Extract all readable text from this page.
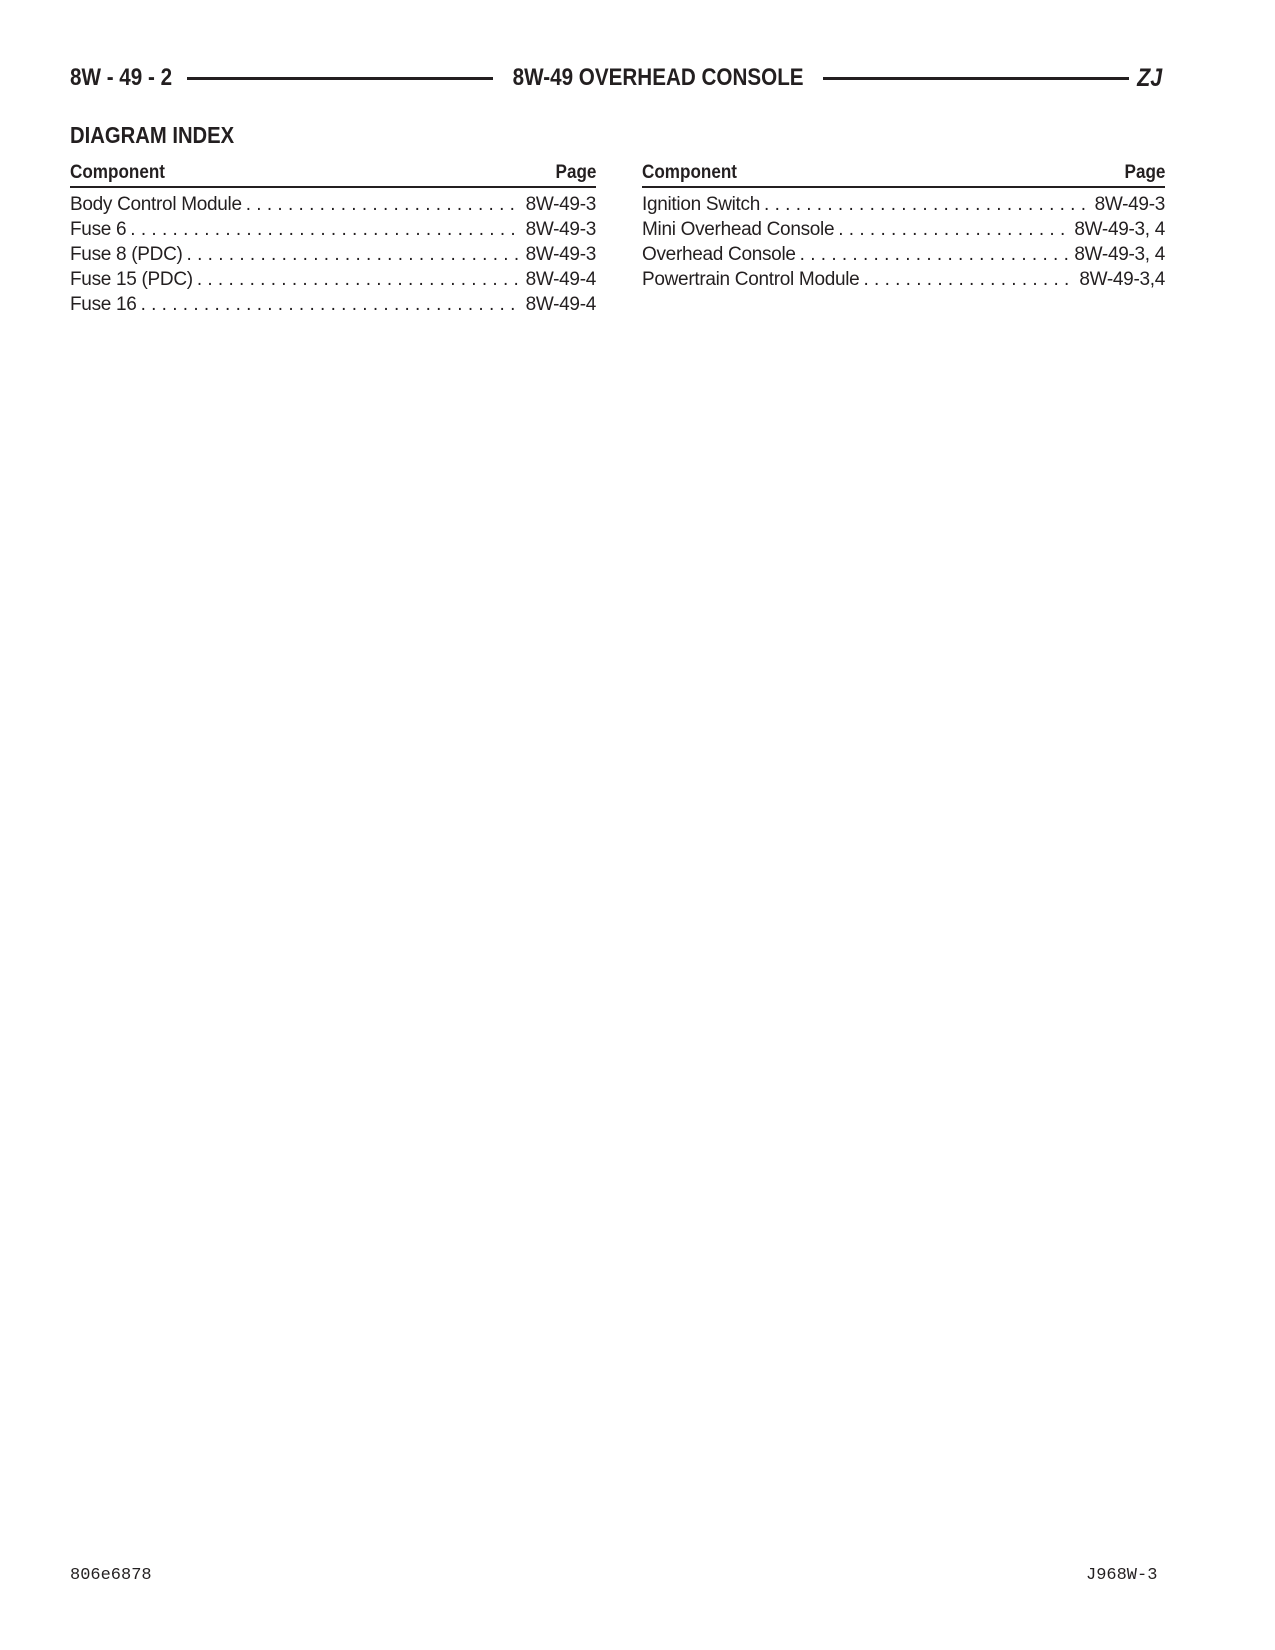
8W - 49 - 2	8W-49 OVERHEAD CONSOLE	ZJ
DIAGRAM INDEX
Component	Page
Body Control Module . . .	8W-49-3
Fuse 6 . . .	8W-49-3
Fuse 8 (PDC) . . .	8W-49-3
Fuse 15 (PDC) . . .	8W-49-4
Fuse 16 . . .	8W-49-4
Component	Page
Ignition Switch . . .	8W-49-3
Mini Overhead Console . . .	8W-49-3, 4
Overhead Console . . .	8W-49-3, 4
Powertrain Control Module . . .	8W-49-3,4
806e6878	J968W-3
